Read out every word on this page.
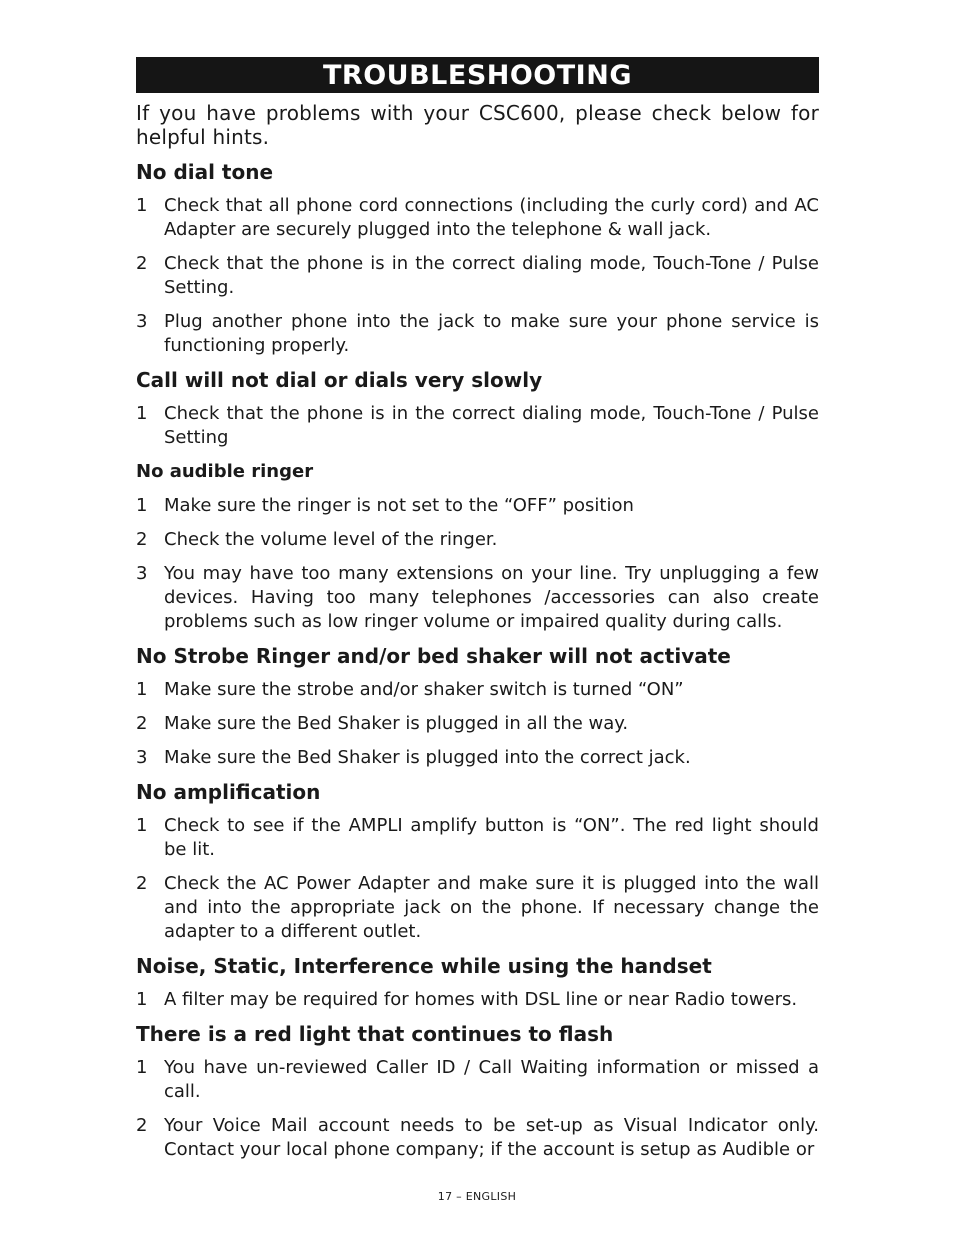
TROUBLESHOOTING

If you have problems with your CSC600, please check below for helpful hints.

No dial tone
1 Check that all phone cord connections (including the curly cord) and AC Adapter are securely plugged into the telephone & wall jack.
2 Check that the phone is in the correct dialing mode, Touch-Tone / Pulse Setting.
3 Plug another phone into the jack to make sure your phone service is functioning properly.
Call will not dial or dials very slowly
1 Check that the phone is in the correct dialing mode, Touch-Tone / Pulse Setting
No audible ringer
1 Make sure the ringer is not set to the “OFF” position
2 Check the volume level of the ringer.
3 You may have too many extensions on your line. Try unplugging a few devices. Having too many telephones /accessories can also create problems such as low ringer volume or impaired quality during calls.
No Strobe Ringer and/or bed shaker will not activate
1 Make sure the strobe and/or shaker switch is turned “ON”
2 Make sure the Bed Shaker is plugged in all the way.
3 Make sure the Bed Shaker is plugged into the correct jack.
No amplification
1 Check to see if the AMPLI amplify button is “ON”. The red light should be lit.
2 Check the AC Power Adapter and make sure it is plugged into the wall and into the appropriate jack on the phone. If necessary change the adapter to a different outlet.
Noise, Static, Interference while using the handset
1 A filter may be required for homes with DSL line or near Radio towers.
There is a red light that continues to flash
1 You have un-reviewed Caller ID / Call Waiting information or missed a call.
2 Your Voice Mail account needs to be set-up as Visual Indicator only. Contact your local phone company; if the account is setup as Audible or
17 – ENGLISH
